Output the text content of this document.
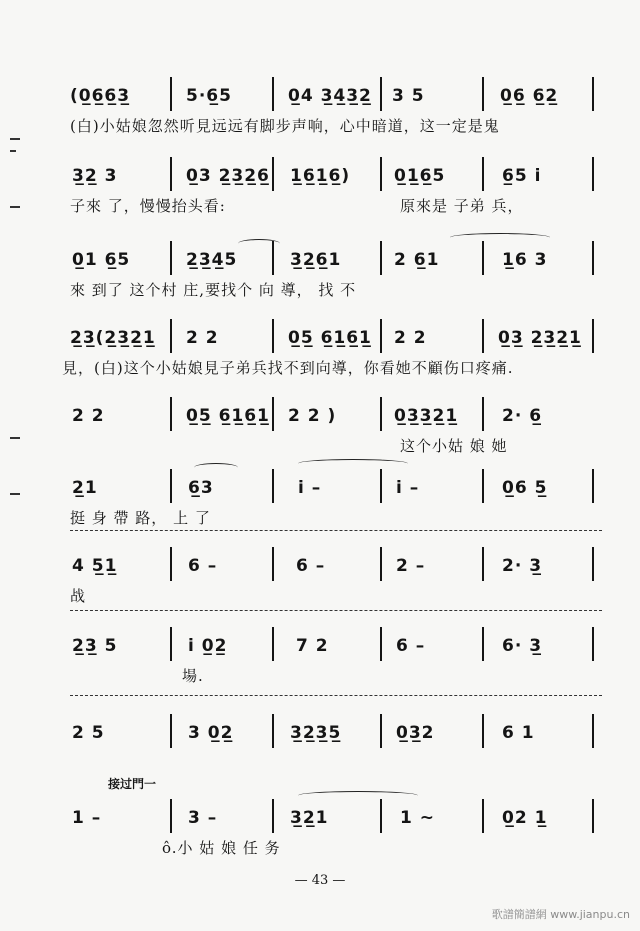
(0̲6̲6̲3̲	5·6̲5	0̲4 3̲4̲3̲2̲ 3 5	0̲6̲ 6̲2̲
(白)小姑娘忽然听見远远有脚步声响，心中暗道，这一定是鬼
3̲2̲ 3	0̲3 2̲3̲2̲6̲ 1̲6̲1̲6̲)	0̲1̲6̲5	6̲5 i
子來 了，慢慢抬头看:	原來是 子弟 兵，
0̲1 6̲5	2̲3̲4̲5	3̲2̲6̲1	2 6̲1	1̲6 3
來 到了 这个村 庄,要找个 向 導， 找 不
2̲3̲(2̲3̲2̲1̲ 2 2	0̲5̲ 6̲1̲6̲1̲ 2 2	0̲3̲ 2̲3̲2̲1̲
見，(白)这个小姑娘見子弟兵找不到向導，你看她不顧伤口疼痛.
2 2	0̲5̲ 6̲1̲6̲1̲ 2 2 )	0̲3̲3̲2̲1̲	2· 6̲
这个小姑 娘 她
2̲1	6̲3	i –	i –	0̲6 5̲
挺 身 帶 路， 上 了
4 5̲1̲	6 –	6 –	2 –	2· 3̲
战
2̲3̲ 5	i 0̲2̲	7 2	6 –	6· 3̲
場.
2 5	3 0̲2̲	3̲2̲3̲5̲	0̲3̲2	6 1
接过門一
1 –	3 –	3̲2̲1	1 ~	0̲2 1̲
ô.小 姑 娘 任 务
— 43 —
歌譜簡譜網 www.jianpu.cn
